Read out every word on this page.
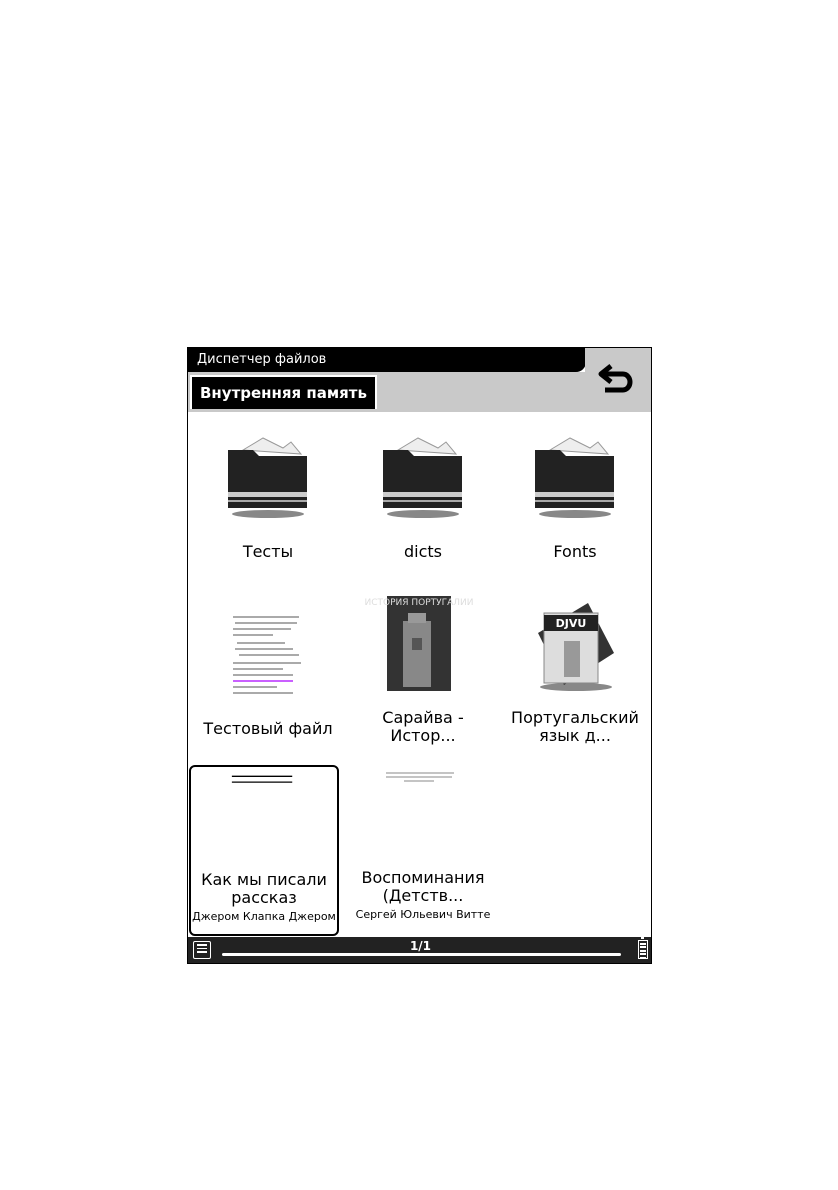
Диспетчер файлов
Внутренняя память
Тесты	dicts	Fonts
Тестовый файл
ИСТОРИЯ ПОРТУГАЛИИ
Сарайва - Истор...
DJVU
Португальский язык д...
Как мы писали рассказ
Джером Клапка Джером
Воспоминания (Детств...
Сергей Юльевич Витте
1/1
